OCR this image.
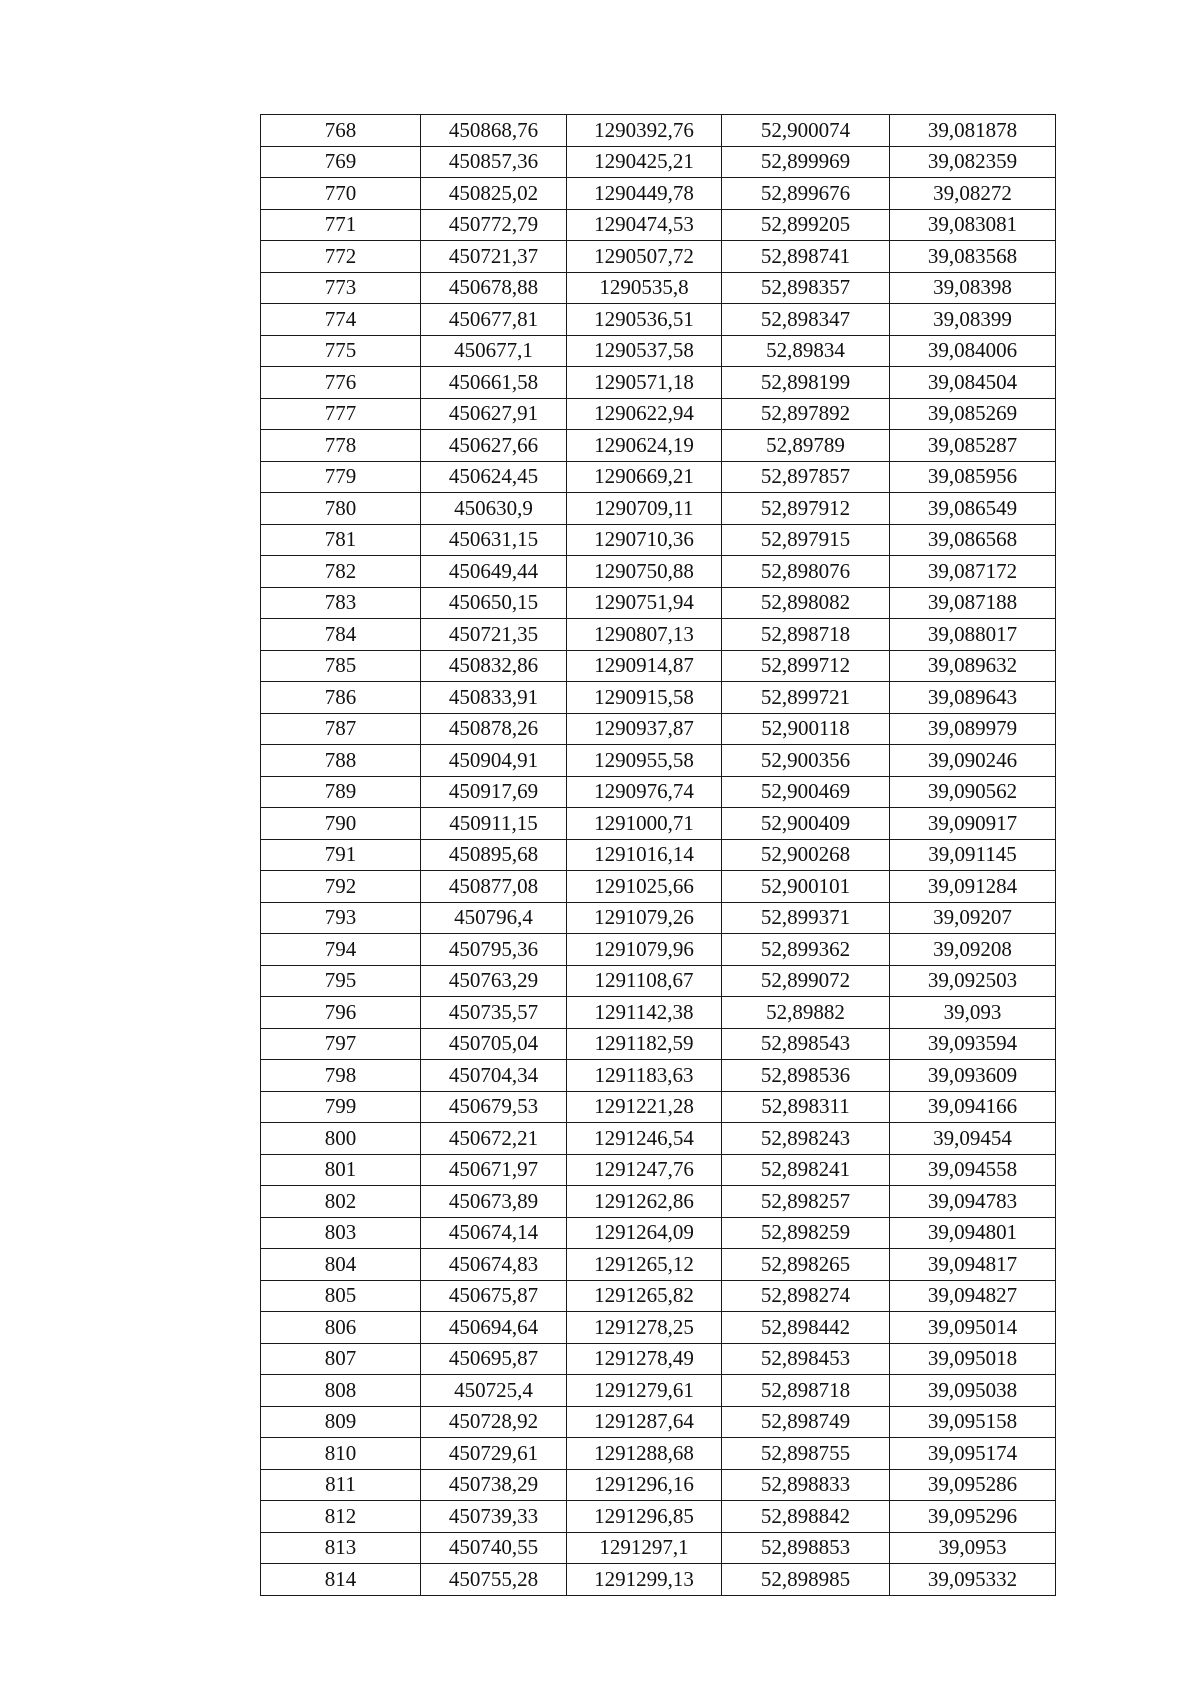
768	450868,76	1290392,76	52,900074	39,081878
769	450857,36	1290425,21	52,899969	39,082359
770	450825,02	1290449,78	52,899676	39,08272
771	450772,79	1290474,53	52,899205	39,083081
772	450721,37	1290507,72	52,898741	39,083568
773	450678,88	1290535,8	52,898357	39,08398
774	450677,81	1290536,51	52,898347	39,08399
775	450677,1	1290537,58	52,89834	39,084006
776	450661,58	1290571,18	52,898199	39,084504
777	450627,91	1290622,94	52,897892	39,085269
778	450627,66	1290624,19	52,89789	39,085287
779	450624,45	1290669,21	52,897857	39,085956
780	450630,9	1290709,11	52,897912	39,086549
781	450631,15	1290710,36	52,897915	39,086568
782	450649,44	1290750,88	52,898076	39,087172
783	450650,15	1290751,94	52,898082	39,087188
784	450721,35	1290807,13	52,898718	39,088017
785	450832,86	1290914,87	52,899712	39,089632
786	450833,91	1290915,58	52,899721	39,089643
787	450878,26	1290937,87	52,900118	39,089979
788	450904,91	1290955,58	52,900356	39,090246
789	450917,69	1290976,74	52,900469	39,090562
790	450911,15	1291000,71	52,900409	39,090917
791	450895,68	1291016,14	52,900268	39,091145
792	450877,08	1291025,66	52,900101	39,091284
793	450796,4	1291079,26	52,899371	39,09207
794	450795,36	1291079,96	52,899362	39,09208
795	450763,29	1291108,67	52,899072	39,092503
796	450735,57	1291142,38	52,89882	39,093
797	450705,04	1291182,59	52,898543	39,093594
798	450704,34	1291183,63	52,898536	39,093609
799	450679,53	1291221,28	52,898311	39,094166
800	450672,21	1291246,54	52,898243	39,09454
801	450671,97	1291247,76	52,898241	39,094558
802	450673,89	1291262,86	52,898257	39,094783
803	450674,14	1291264,09	52,898259	39,094801
804	450674,83	1291265,12	52,898265	39,094817
805	450675,87	1291265,82	52,898274	39,094827
806	450694,64	1291278,25	52,898442	39,095014
807	450695,87	1291278,49	52,898453	39,095018
808	450725,4	1291279,61	52,898718	39,095038
809	450728,92	1291287,64	52,898749	39,095158
810	450729,61	1291288,68	52,898755	39,095174
811	450738,29	1291296,16	52,898833	39,095286
812	450739,33	1291296,85	52,898842	39,095296
813	450740,55	1291297,1	52,898853	39,0953
814	450755,28	1291299,13	52,898985	39,095332
